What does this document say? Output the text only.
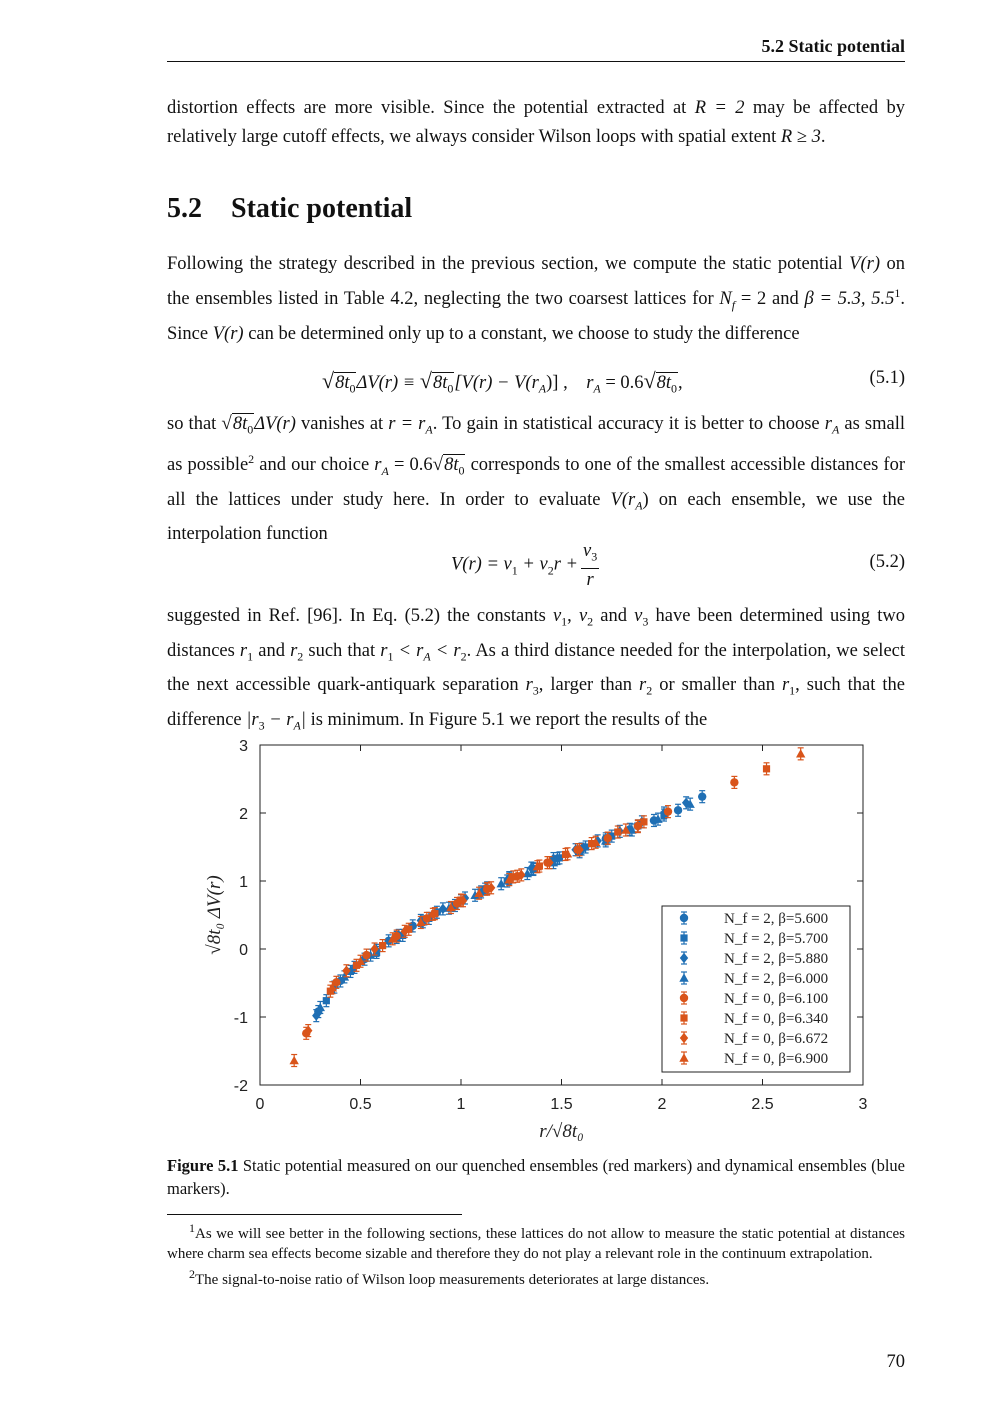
5.2 Static potential

distortion effects are more visible. Since the potential extracted at R = 2 may be affected by relatively large cutoff effects, we always consider Wilson loops with spatial extent R ≥ 3.

5.2 Static potential

Following the strategy described in the previous section, we compute the static potential V(r) on the ensembles listed in Table 4.2, neglecting the two coarsest lattices for $N_f = 2$ and β = 5.3, $5.5^1$. Since V(r) can be determined only up to a constant, we choose to study the difference

$√8t_0\Delta V(r) \equiv √8t_0[V(r) - V(r_A)]$ , $r_A = 0.6√8t_0$,	(5.1)

so that $√8t_0\Delta V(r)$ vanishes at $r = r_A$. To gain in statistical accuracy it is better to choose $r_A$ as small as possible$^2$ and our choice $r_A = 0.6√8t_0$ corresponds to one of the smallest accessible distances for all the lattices under study here. In order to evaluate $V(r_A)$ on each ensemble, we use the interpolation function

$V(r) = v_1 + v_2r + \frac{v_3}{r}$	(5.2)

suggested in Ref. [96]. In Eq. (5.2) the constants $v_1$, $v_2$ and $v_3$ have been determined using two distances $r_1$ and $r_2$ such that $r_1 < r_A < r_2$. As a third distance needed for the interpolation, we select the next accessible quark-antiquark separation $r_3$, larger than $r_2$ or smaller than $r_1$, such that the difference $|r_3 - r_A|$ is minimum. In Figure 5.1 we report the results of the

0	0.5	1	1.5	2	2.5	3
-2
-1
0
1
2
3
r/√8t₀
√8t₀ ΔV(r)	N_f = 2, β=5.600
N_f = 2, β=5.700
N_f = 2, β=5.880
N_f = 2, β=6.000
N_f = 0, β=6.100
N_f = 0, β=6.340
N_f = 0, β=6.672
N_f = 0, β=6.900
Figure 5.1 Static potential measured on our quenched ensembles (red markers) and dynamical ensembles (blue markers).

$^1$As we will see better in the following sections, these lattices do not allow to measure the static potential at distances where charm sea effects become sizable and therefore they do not play a relevant role in the continuum extrapolation.

$^2$The signal-to-noise ratio of Wilson loop measurements deteriorates at large distances.

70
